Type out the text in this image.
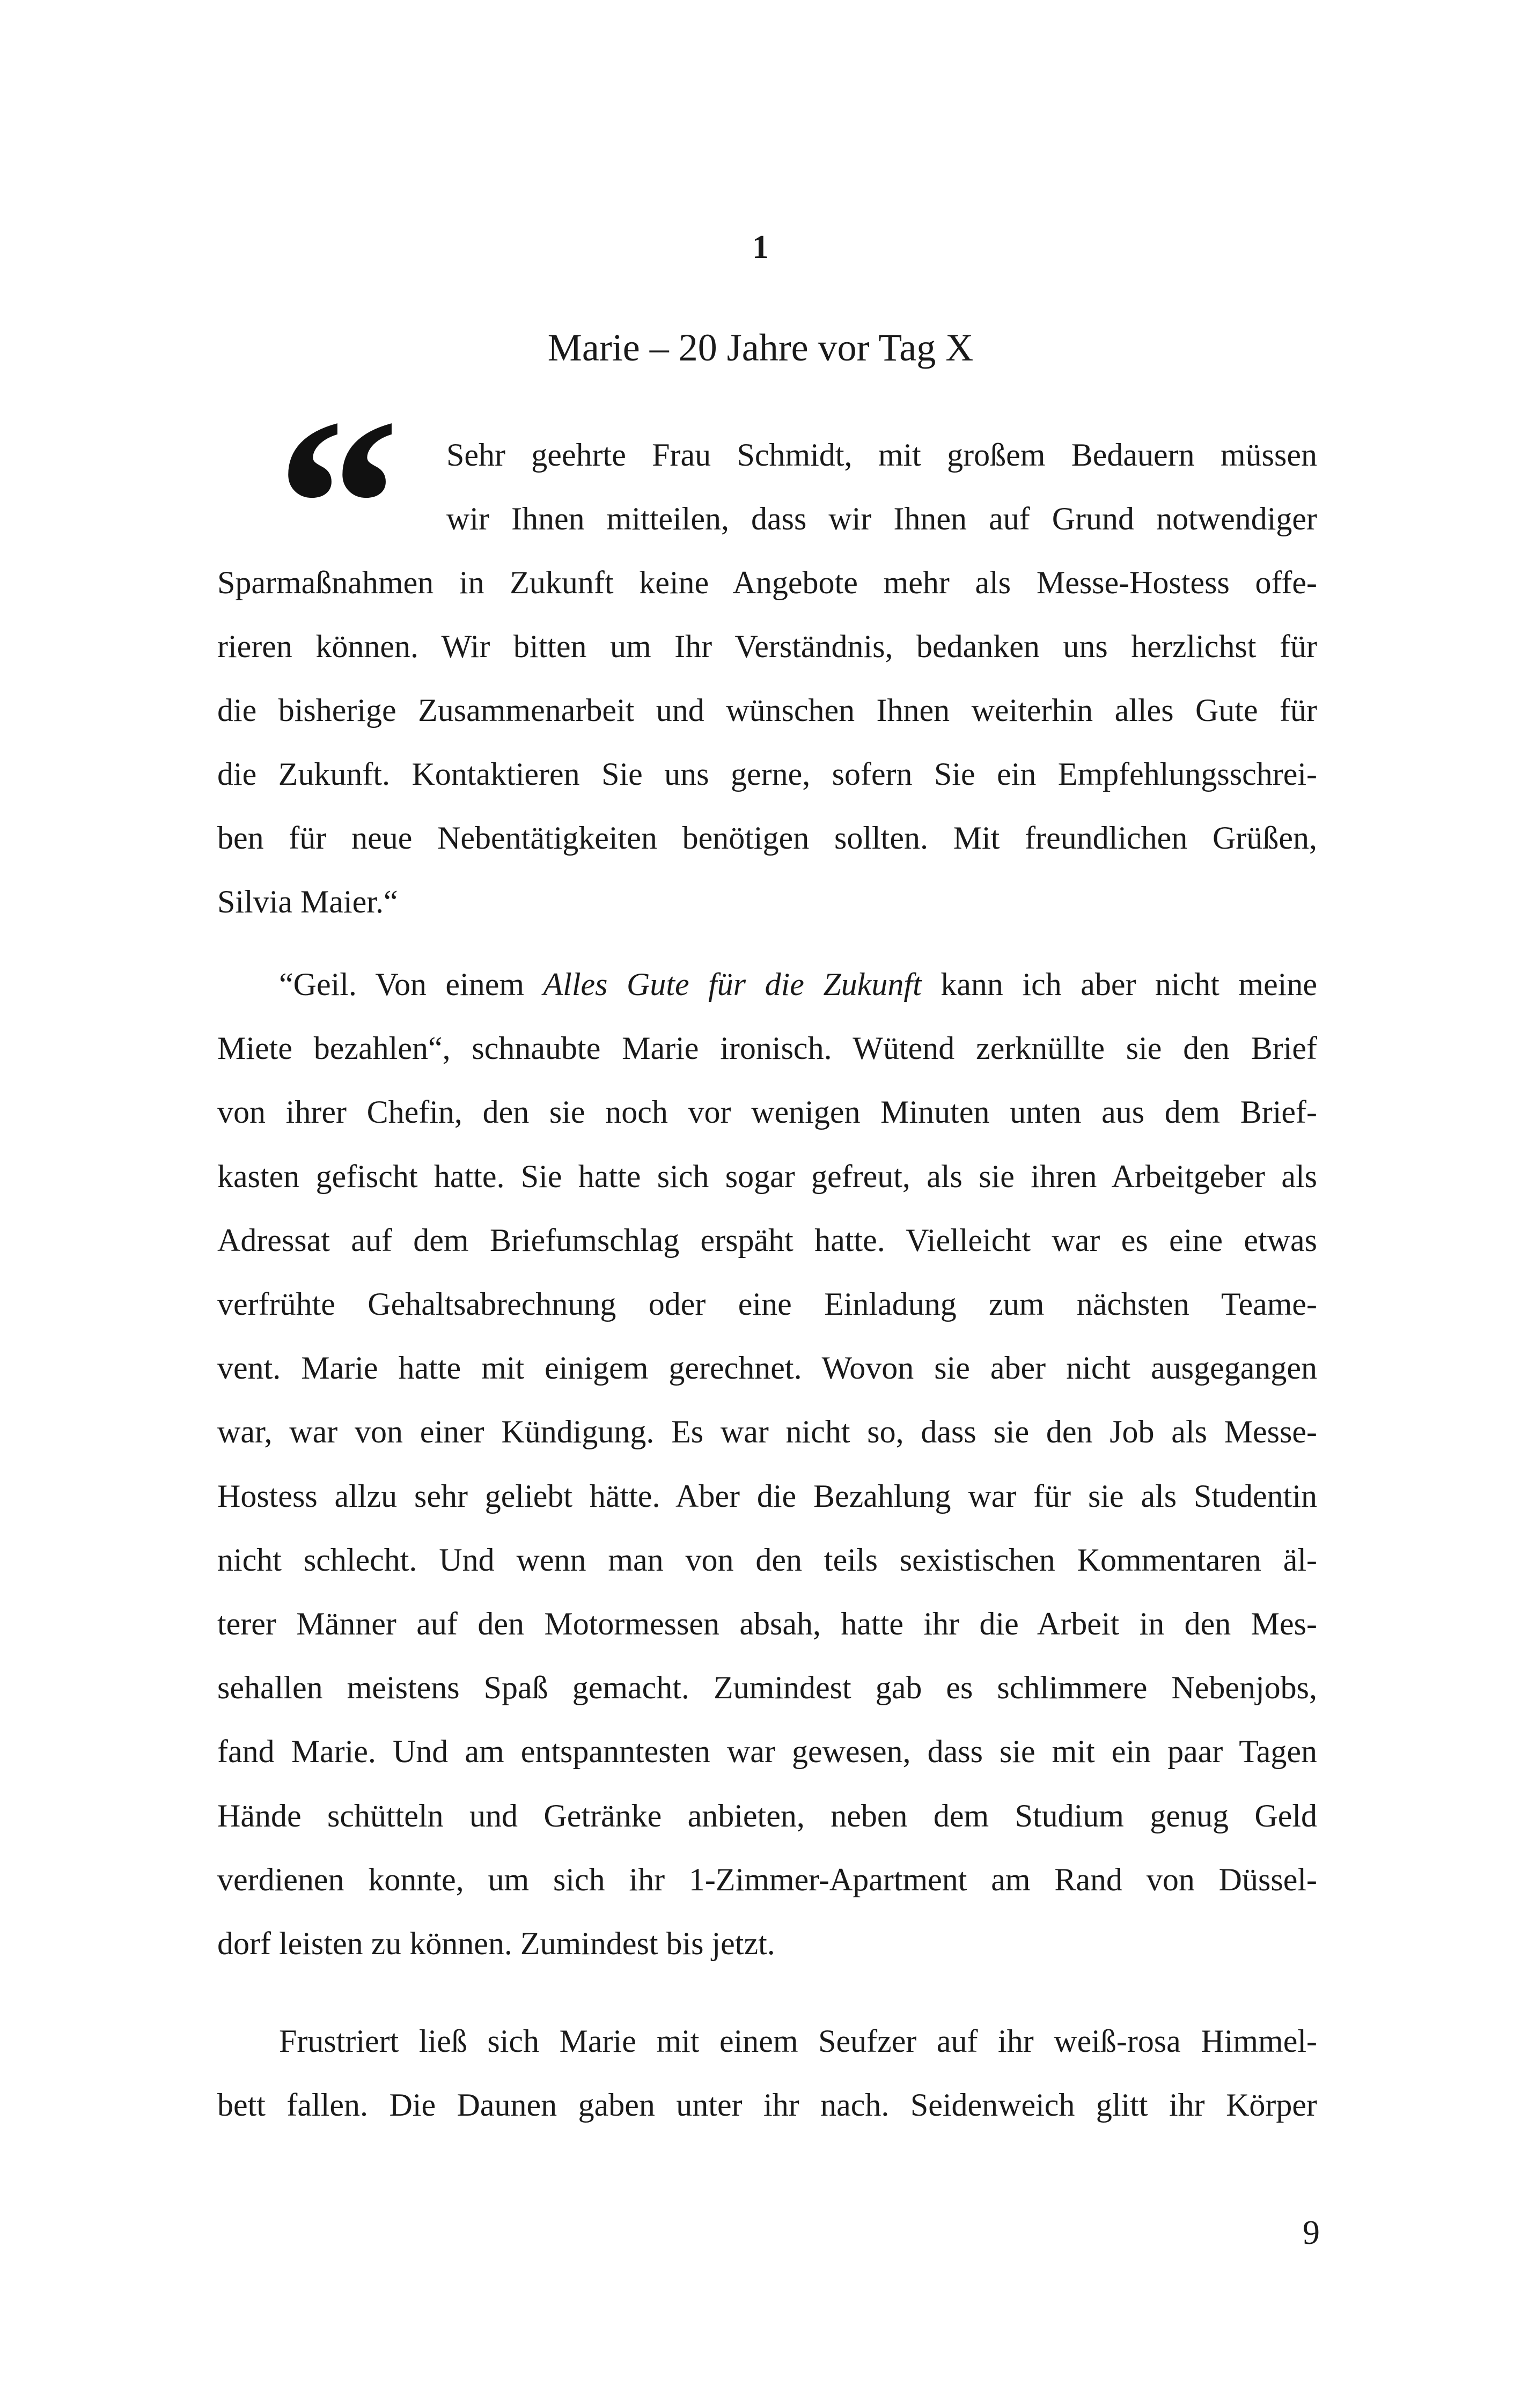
1
Marie – 20 Jahre vor Tag X
“ Sehr geehrte Frau Schmidt, mit großem Bedauern müssen
wir Ihnen mitteilen, dass wir Ihnen auf Grund notwendiger
Sparmaßnahmen in Zukunft keine Angebote mehr als Messe-Hostess offe-
rieren können. Wir bitten um Ihr Verständnis, bedanken uns herzlichst für
die bisherige Zusammenarbeit und wünschen Ihnen weiterhin alles Gute für
die Zukunft. Kontaktieren Sie uns gerne, sofern Sie ein Empfehlungsschrei-
ben für neue Nebentätigkeiten benötigen sollten. Mit freundlichen Grüßen,
Silvia Maier.“
“Geil. Von einem Alles Gute für die Zukunft kann ich aber nicht meine
Miete bezahlen“, schnaubte Marie ironisch. Wütend zerknüllte sie den Brief
von ihrer Chefin, den sie noch vor wenigen Minuten unten aus dem Brief-
kasten gefischt hatte. Sie hatte sich sogar gefreut, als sie ihren Arbeitgeber als
Adressat auf dem Briefumschlag erspäht hatte. Vielleicht war es eine etwas
verfrühte Gehaltsabrechnung oder eine Einladung zum nächsten Teame-
vent. Marie hatte mit einigem gerechnet. Wovon sie aber nicht ausgegangen
war, war von einer Kündigung. Es war nicht so, dass sie den Job als Messe-
Hostess allzu sehr geliebt hätte. Aber die Bezahlung war für sie als Studentin
nicht schlecht. Und wenn man von den teils sexistischen Kommentaren äl-
terer Männer auf den Motormessen absah, hatte ihr die Arbeit in den Mes-
sehallen meistens Spaß gemacht. Zumindest gab es schlimmere Nebenjobs,
fand Marie. Und am entspanntesten war gewesen, dass sie mit ein paar Tagen
Hände schütteln und Getränke anbieten, neben dem Studium genug Geld
verdienen konnte, um sich ihr 1-Zimmer-Apartment am Rand von Düssel-
dorf leisten zu können. Zumindest bis jetzt.
Frustriert ließ sich Marie mit einem Seufzer auf ihr weiß-rosa Himmel-
bett fallen. Die Daunen gaben unter ihr nach. Seidenweich glitt ihr Körper
9
